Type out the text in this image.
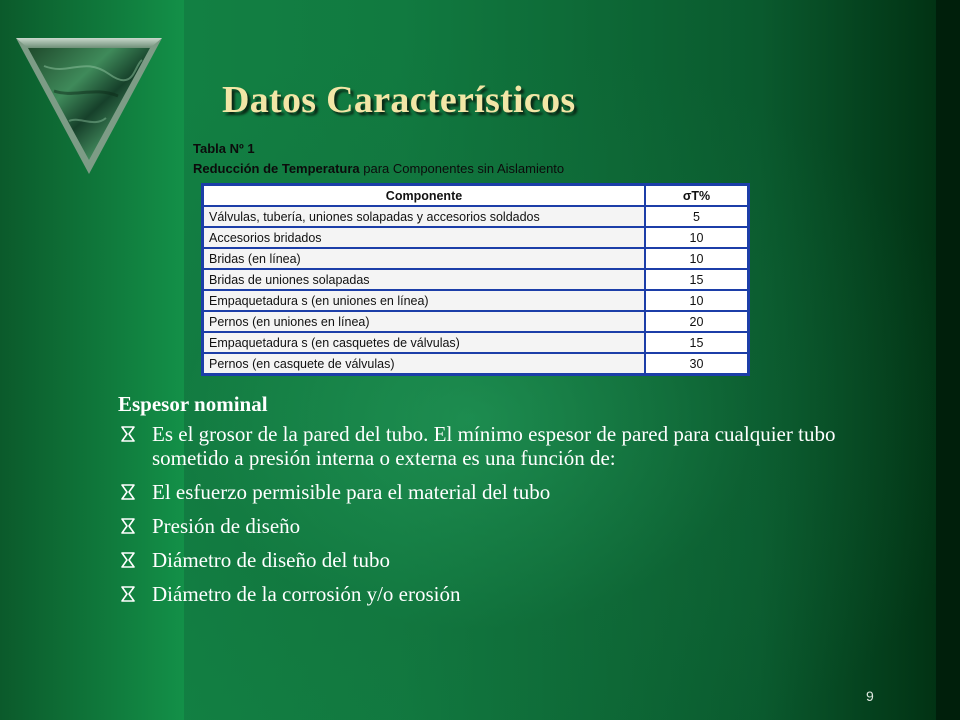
Datos Característicos
Tabla Nº 1
Reducción de Temperatura para Componentes sin Aislamiento
Componente	σT%
Válvulas, tubería, uniones solapadas y accesorios soldados	5
Accesorios bridados	10
Bridas (en línea)	10
Bridas de uniones solapadas	15
Empaquetadura s (en uniones en línea)	10
Pernos (en uniones en línea)	20
Empaquetadura s (en casquetes de válvulas)	15
Pernos (en casquete de válvulas)	30
Espesor nominal
Es el grosor de la pared del tubo. El mínimo espesor de pared para cualquier tubo sometido a presión interna o externa es una función de:
El esfuerzo permisible para el material del tubo
Presión de diseño
Diámetro de diseño del tubo
Diámetro de la corrosión y/o erosión
9
